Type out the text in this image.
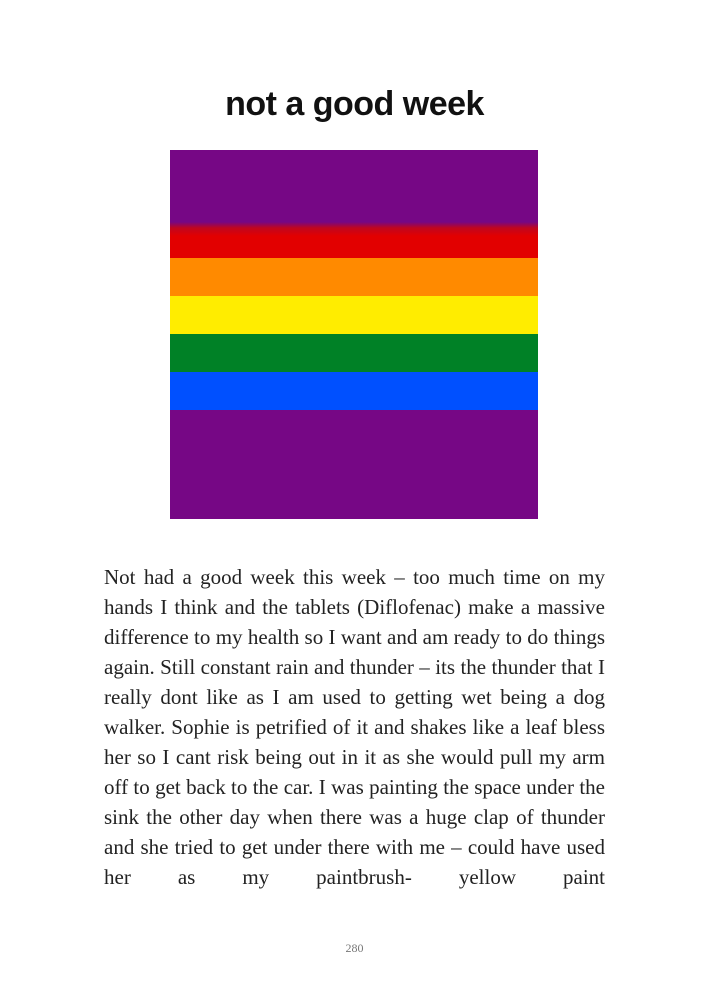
not a good week

Not had a good week this week – too much time on my hands I think and the tablets (Diflofenac) make a massive difference to my health so I want and am ready to do things again. Still constant rain and thunder – its the thunder that I really dont like as I am used to getting wet being a dog walker. Sophie is petrified of it and shakes like a leaf bless her so I cant risk being out in it as she would pull my arm off to get back to the car. I was painting the space under the sink the other day when there was a huge clap of thunder and she tried to get under there with me – could have used her as my paintbrush- yellow paint

280
